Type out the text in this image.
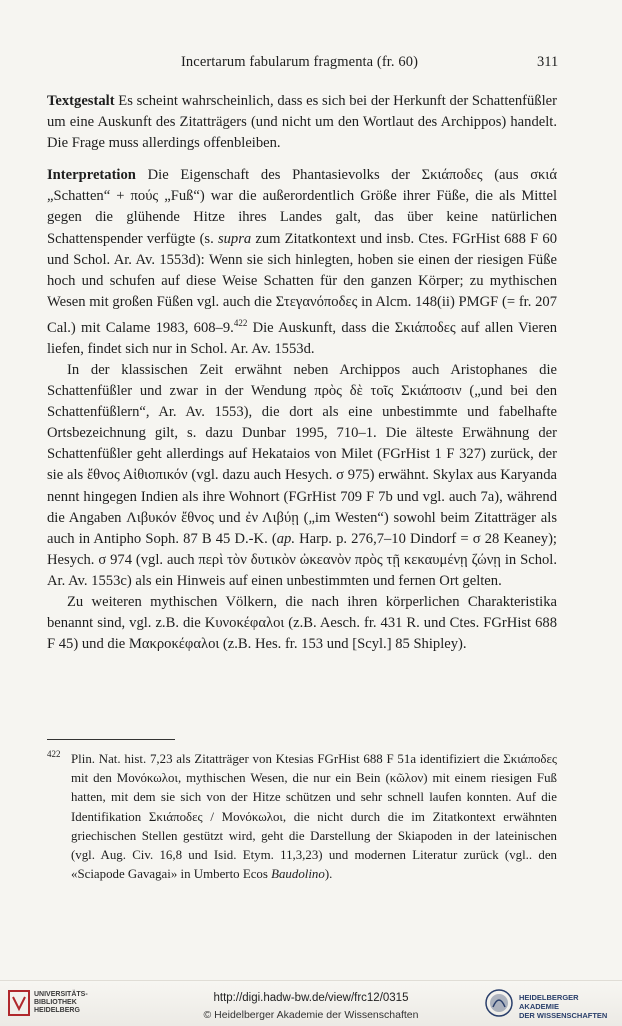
Incertarum fabularum fragmenta (fr. 60)	311

Textgestalt Es scheint wahrscheinlich, dass es sich bei der Herkunft der Schattenfüßler um eine Auskunft des Zitatträgers (und nicht um den Wortlaut des Archippos) handelt. Die Frage muss allerdings offenbleiben.

Interpretation Die Eigenschaft des Phantasievolks der Σκιάποδες (aus σκιά „Schatten“ + πούς „Fuß“) war die außerordentlich Größe ihrer Füße, die als Mittel gegen die glühende Hitze ihres Landes galt, das über keine natürlichen Schattenspender verfügte (s. supra zum Zitatkontext und insb. Ctes. FGrHist 688 F 60 und Schol. Ar. Av. 1553d): Wenn sie sich hinlegten, hoben sie einen der riesigen Füße hoch und schufen auf diese Weise Schatten für den ganzen Körper; zu mythischen Wesen mit großen Füßen vgl. auch die Στεγανόποδες in Alcm. 148(ii) PMGF (= fr. 207 Cal.) mit Calame 1983, 608–9.$^{422}$ Die Auskunft, dass die Σκιάποδες auf allen Vieren liefen, findet sich nur in Schol. Ar. Av. 1553d.

In der klassischen Zeit erwähnt neben Archippos auch Aristophanes die Schattenfüßler und zwar in der Wendung πρὸς δὲ τοῖς Σκιάποσιν („und bei den Schattenfüßlern“, Ar. Av. 1553), die dort als eine unbestimmte und fabelhafte Ortsbezeichnung gilt, s. dazu Dunbar 1995, 710–1. Die älteste Erwähnung der Schattenfüßler geht allerdings auf Hekataios von Milet (FGrHist 1 F 327) zurück, der sie als ἔθνος Αἰθιοπικόν (vgl. dazu auch Hesych. σ 975) erwähnt. Skylax aus Karyanda nennt hingegen Indien als ihre Wohnort (FGrHist 709 F 7b und vgl. auch 7a), während die Angaben Λιβυκόν ἔθνος und ἐν Λιβύῃ („im Westen“) sowohl beim Zitatträger als auch in Antipho Soph. 87 B 45 D.-K. (ap. Harp. p. 276,7–10 Dindorf = σ 28 Keaney); Hesych. σ 974 (vgl. auch περὶ τὸν δυτικὸν ὠκεανὸν πρὸς τῇ κεκαυμένῃ ζώνῃ in Schol. Ar. Av. 1553c) als ein Hinweis auf einen unbestimmten und fernen Ort gelten.

Zu weiteren mythischen Völkern, die nach ihren körperlichen Charakteristika benannt sind, vgl. z.B. die Κυνοκέφαλοι (z.B. Aesch. fr. 431 R. und Ctes. FGrHist 688 F 45) und die Μακροκέφαλοι (z.B. Hes. fr. 153 und [Scyl.] 85 Shipley).

422 Plin. Nat. hist. 7,23 als Zitatträger von Ktesias FGrHist 688 F 51a identifiziert die Σκιάποδες mit den Μονόκωλοι, mythischen Wesen, die nur ein Bein (κῶλον) mit einem riesigen Fuß hatten, mit dem sie sich von der Hitze schützen und sehr schnell laufen konnten. Auf die Identifikation Σκιάποδες / Μονόκωλοι, die nicht durch die im Zitatkontext erwähnten griechischen Stellen gestützt wird, geht die Darstellung der Skiapoden in der lateinischen (vgl. Aug. Civ. 16,8 und Isid. Etym. 11,3,23) und modernen Literatur zurück (vgl.. den «Sciapode Gavagai» in Umberto Ecos Baudolino).
UNIVERSITÄTS-
BIBLIOTHEK
HEIDELBERG
http://digi.hadw-bw.de/view/frc12/0315
© Heidelberger Akademie der Wissenschaften
HEIDELBERGER AKADEMIE
DER WISSENSCHAFTEN
